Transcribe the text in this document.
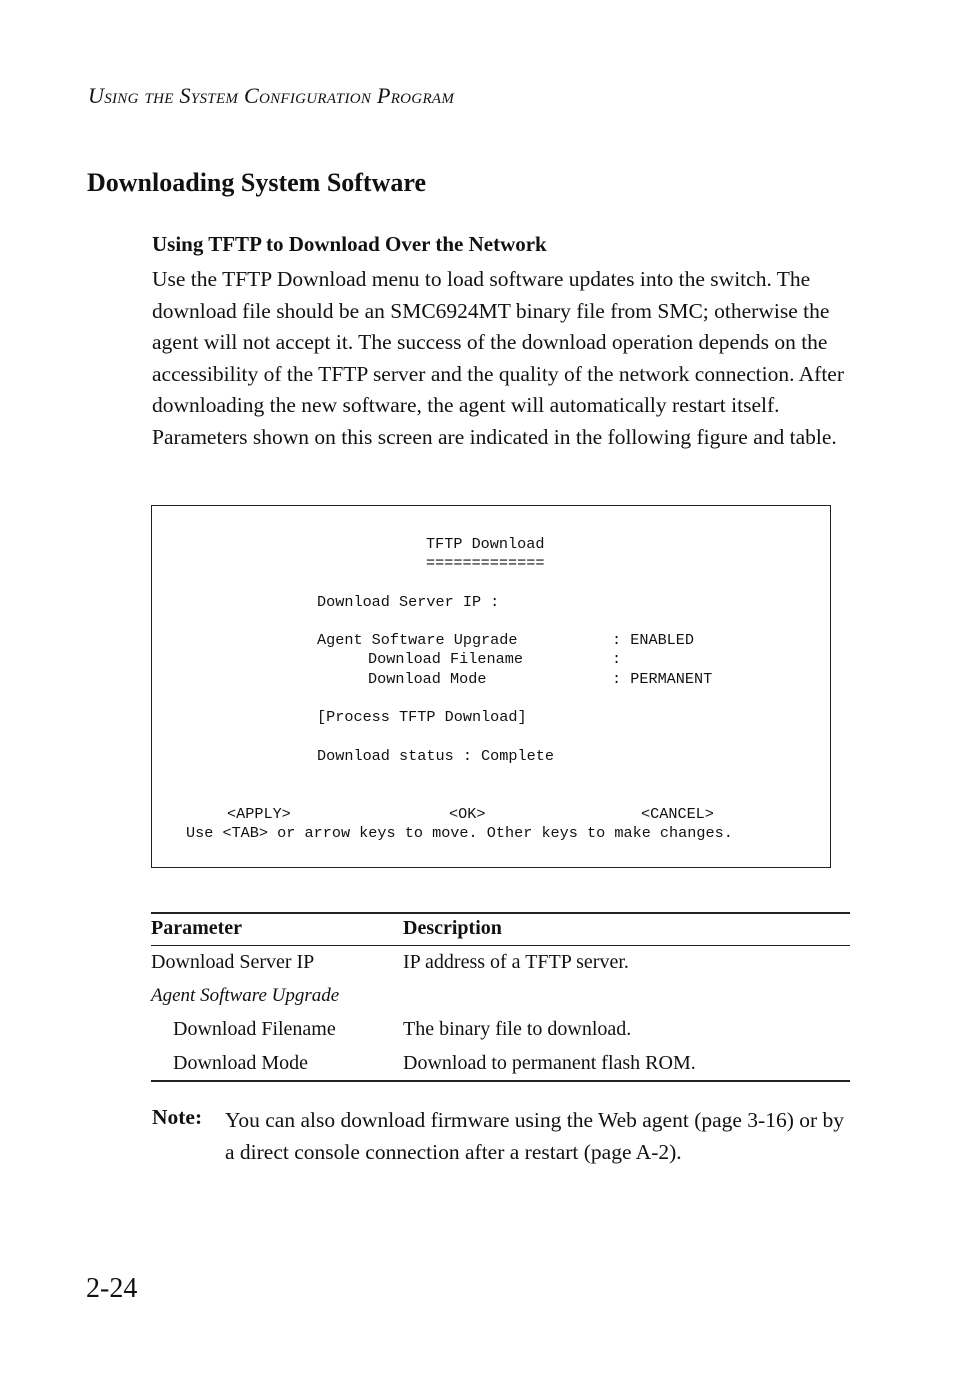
Using the System Configuration Program
Downloading System Software
Using TFTP to Download Over the Network

Use the TFTP Download menu to load software updates into the switch. The download file should be an SMC6924MT binary file from SMC; otherwise the agent will not accept it. The success of the download operation depends on the accessibility of the TFTP server and the quality of the network connection. After downloading the new software, the agent will automatically restart itself. Parameters shown on this screen are indicated in the following figure and table.

TFTP Download
=============
Download Server IP :
Agent Software Upgrade	: ENABLED
Download Filename	:
Download Mode	: PERMANENT
[Process TFTP Download]
Download status : Complete
<APPLY>	<OK>	<CANCEL>
Use <TAB> or arrow keys to move. Other keys to make changes.
Parameter	Description
Download Server IP	IP address of a TFTP server.
Agent Software Upgrade	
Download Filename	The binary file to download.
Download Mode	Download to permanent flash ROM.
Note: You can also download firmware using the Web agent (page 3-16) or by a direct console connection after a restart (page A-2).
2-24
